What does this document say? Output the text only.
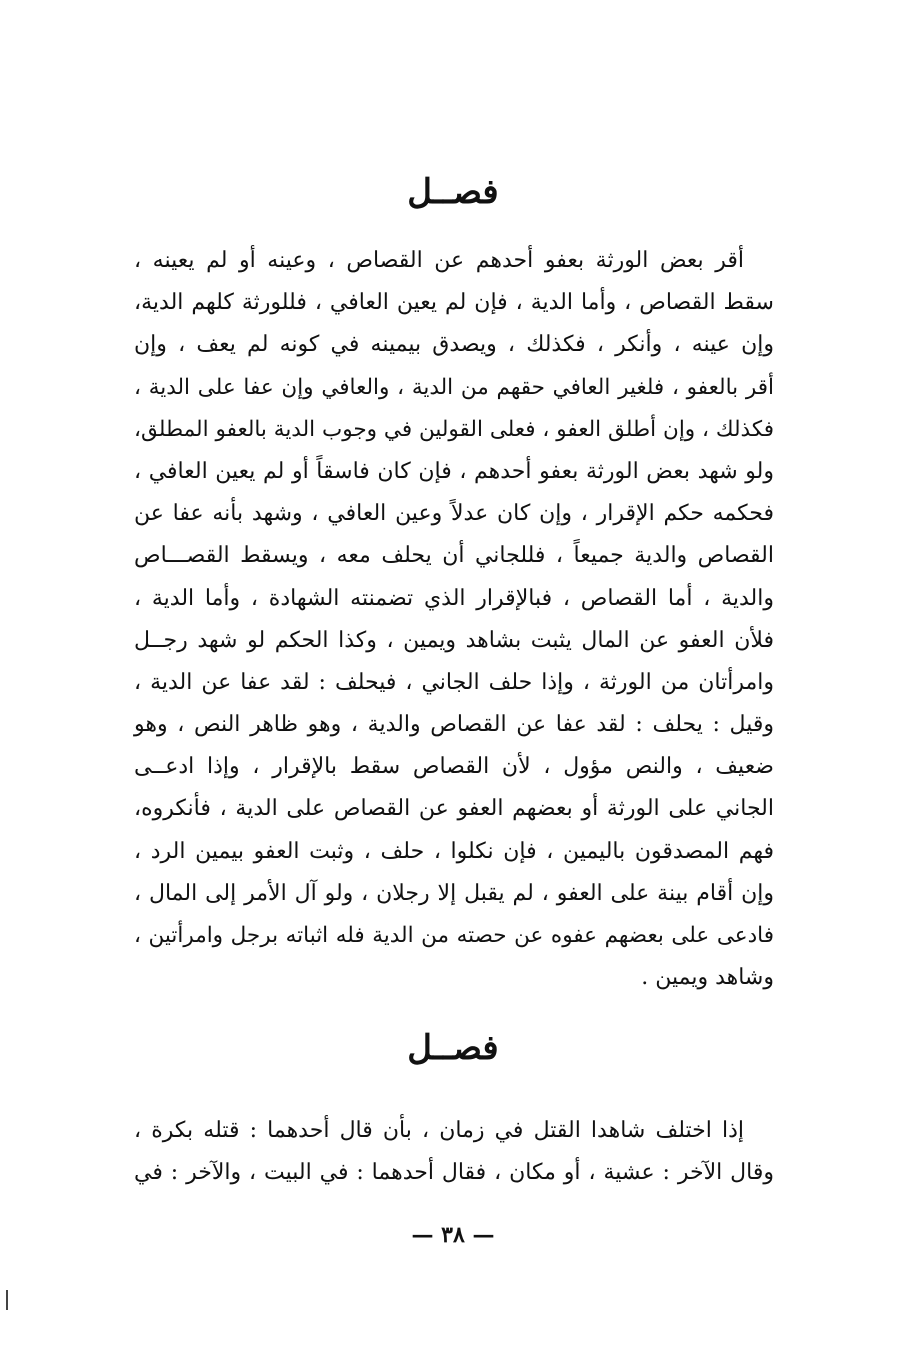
فصــل
أقر بعض الورثة بعفو أحدهم عن القصاص ، وعينه أو لم يعينه ،
سقط القصاص ، وأما الدية ، فإن لم يعين العافي ، فللورثة كلهم الدية،
وإن عينه ، وأنكر ، فكذلك ، ويصدق بيمينه في كونه لم يعف ، وإن
أقر بالعفو ، فلغير العافي حقهم من الدية ، والعافي وإن عفا على الدية ،
فكذلك ، وإن أطلق العفو ، فعلى القولين في وجوب الدية بالعفو المطلق،
ولو شهد بعض الورثة بعفو أحدهم ، فإن كان فاسقاً أو لم يعين العافي ،
فحكمه حكم الإقرار ، وإن كان عدلاً وعين العافي ، وشهد بأنه عفا عن
القصاص والدية جميعاً ، فللجاني أن يحلف معه ، ويسقط القصـــاص
والدية ، أما القصاص ، فبالإقرار الذي تضمنته الشهادة ، وأما الدية ،
فلأن العفو عن المال يثبت بشاهد ويمين ، وكذا الحكم لو شهد رجــل
وامرأتان من الورثة ، وإذا حلف الجاني ، فيحلف : لقد عفا عن الدية ،
وقيل : يحلف : لقد عفا عن القصاص والدية ، وهو ظاهر النص ، وهو
ضعيف ، والنص مؤول ، لأن القصاص سقط بالإقرار ، وإذا ادعــى
الجاني على الورثة أو بعضهم العفو عن القصاص على الدية ، فأنكروه،
فهم المصدقون باليمين ، فإن نكلوا ، حلف ، وثبت العفو بيمين الرد ،
وإن أقام بينة على العفو ، لم يقبل إلا رجلان ، ولو آل الأمر إلى المال ،
فادعى على بعضهم عفوه عن حصته من الدية فله اثباته برجل وامرأتين ،
وشاهد ويمين .
فصــل
إذا اختلف شاهدا القتل في زمان ، بأن قال أحدهما : قتله بكرة ،
وقال الآخر : عشية ، أو مكان ، فقال أحدهما : في البيت ، والآخر : في
— ٣٨ —
